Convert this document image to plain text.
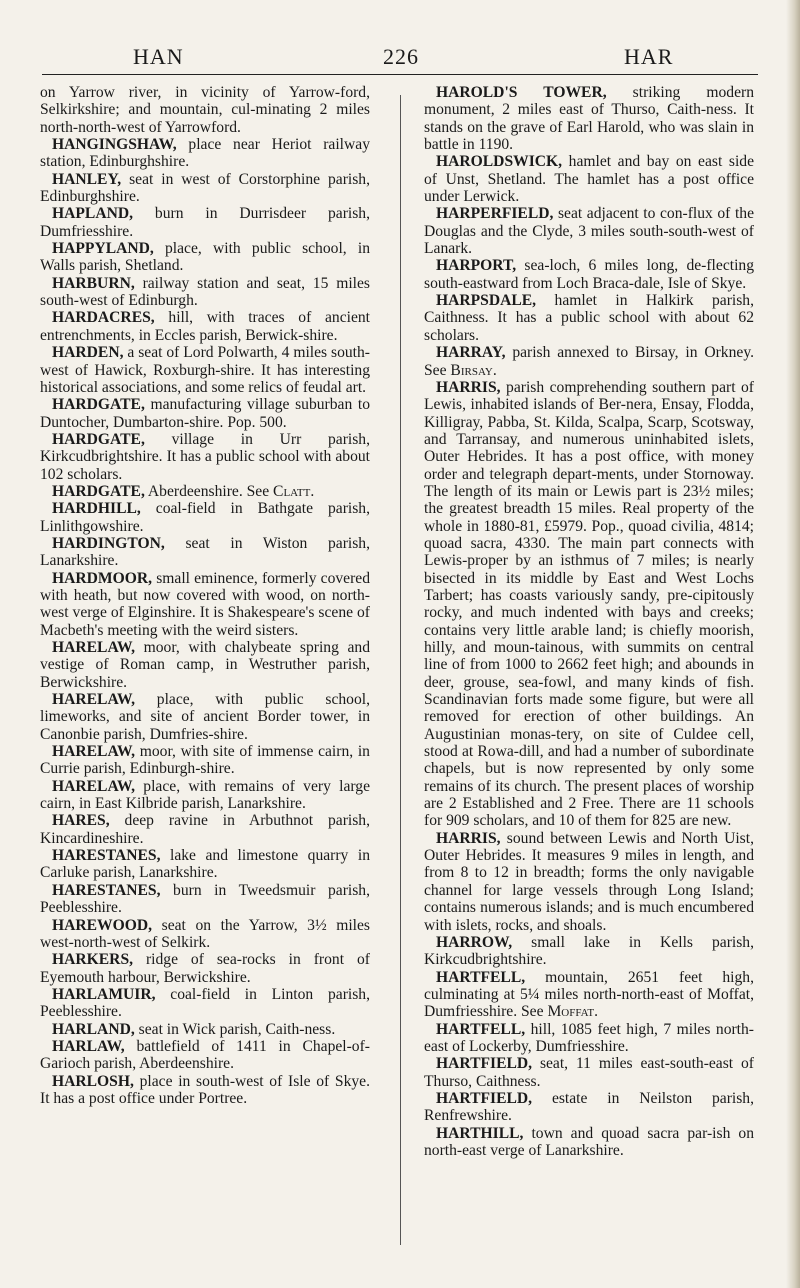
HAN	226	HAR

on Yarrow river, in vicinity of Yarrow-ford, Selkirkshire; and mountain, cul-minating 2 miles north-north-west of Yarrowford.

HANGINGSHAW, place near Heriot railway station, Edinburghshire.

HANLEY, seat in west of Corstorphine parish, Edinburghshire.

HAPLAND, burn in Durrisdeer parish, Dumfriesshire.

HAPPYLAND, place, with public school, in Walls parish, Shetland.

HARBURN, railway station and seat, 15 miles south-west of Edinburgh.

HARDACRES, hill, with traces of ancient entrenchments, in Eccles parish, Berwick-shire.

HARDEN, a seat of Lord Polwarth, 4 miles south-west of Hawick, Roxburgh-shire. It has interesting historical associations, and some relics of feudal art.

HARDGATE, manufacturing village suburban to Duntocher, Dumbarton-shire. Pop. 500.

HARDGATE, village in Urr parish, Kirkcudbrightshire. It has a public school with about 102 scholars.

HARDGATE, Aberdeenshire. See Clatt.

HARDHILL, coal-field in Bathgate parish, Linlithgowshire.

HARDINGTON, seat in Wiston parish, Lanarkshire.

HARDMOOR, small eminence, formerly covered with heath, but now covered with wood, on north-west verge of Elginshire. It is Shakespeare's scene of Macbeth's meeting with the weird sisters.

HARELAW, moor, with chalybeate spring and vestige of Roman camp, in Westruther parish, Berwickshire.

HARELAW, place, with public school, limeworks, and site of ancient Border tower, in Canonbie parish, Dumfries-shire.

HARELAW, moor, with site of immense cairn, in Currie parish, Edinburgh-shire.

HARELAW, place, with remains of very large cairn, in East Kilbride parish, Lanarkshire.

HARES, deep ravine in Arbuthnot parish, Kincardineshire.

HARESTANES, lake and limestone quarry in Carluke parish, Lanarkshire.

HARESTANES, burn in Tweedsmuir parish, Peeblesshire.

HAREWOOD, seat on the Yarrow, 3½ miles west-north-west of Selkirk.

HARKERS, ridge of sea-rocks in front of Eyemouth harbour, Berwickshire.

HARLAMUIR, coal-field in Linton parish, Peeblesshire.

HARLAND, seat in Wick parish, Caith-ness.

HARLAW, battlefield of 1411 in Chapel-of-Garioch parish, Aberdeenshire.

HARLOSH, place in south-west of Isle of Skye. It has a post office under Portree.

HAROLD'S TOWER, striking modern monument, 2 miles east of Thurso, Caith-ness. It stands on the grave of Earl Harold, who was slain in battle in 1190.

HAROLDSWICK, hamlet and bay on east side of Unst, Shetland. The hamlet has a post office under Lerwick.

HARPERFIELD, seat adjacent to con-flux of the Douglas and the Clyde, 3 miles south-south-west of Lanark.

HARPORT, sea-loch, 6 miles long, de-flecting south-eastward from Loch Braca-dale, Isle of Skye.

HARPSDALE, hamlet in Halkirk parish, Caithness. It has a public school with about 62 scholars.

HARRAY, parish annexed to Birsay, in Orkney. See Birsay.

HARRIS, parish comprehending southern part of Lewis, inhabited islands of Ber-nera, Ensay, Flodda, Killigray, Pabba, St. Kilda, Scalpa, Scarp, Scotsway, and Tarransay, and numerous uninhabited islets, Outer Hebrides. It has a post office, with money order and telegraph depart-ments, under Stornoway. The length of its main or Lewis part is 23½ miles; the greatest breadth 15 miles. Real property of the whole in 1880-81, £5979. Pop., quoad civilia, 4814; quoad sacra, 4330. The main part connects with Lewis-proper by an isthmus of 7 miles; is nearly bisected in its middle by East and West Lochs Tarbert; has coasts variously sandy, pre-cipitously rocky, and much indented with bays and creeks; contains very little arable land; is chiefly moorish, hilly, and moun-tainous, with summits on central line of from 1000 to 2662 feet high; and abounds in deer, grouse, sea-fowl, and many kinds of fish. Scandinavian forts made some figure, but were all removed for erection of other buildings. An Augustinian monas-tery, on site of Culdee cell, stood at Rowa-dill, and had a number of subordinate chapels, but is now represented by only some remains of its church. The present places of worship are 2 Established and 2 Free. There are 11 schools for 909 scholars, and 10 of them for 825 are new.

HARRIS, sound between Lewis and North Uist, Outer Hebrides. It measures 9 miles in length, and from 8 to 12 in breadth; forms the only navigable channel for large vessels through Long Island; contains numerous islands; and is much encumbered with islets, rocks, and shoals.

HARROW, small lake in Kells parish, Kirkcudbrightshire.

HARTFELL, mountain, 2651 feet high, culminating at 5¼ miles north-north-east of Moffat, Dumfriesshire. See Moffat.

HARTFELL, hill, 1085 feet high, 7 miles north-east of Lockerby, Dumfriesshire.

HARTFIELD, seat, 11 miles east-south-east of Thurso, Caithness.

HARTFIELD, estate in Neilston parish, Renfrewshire.

HARTHILL, town and quoad sacra par-ish on north-east verge of Lanarkshire.
